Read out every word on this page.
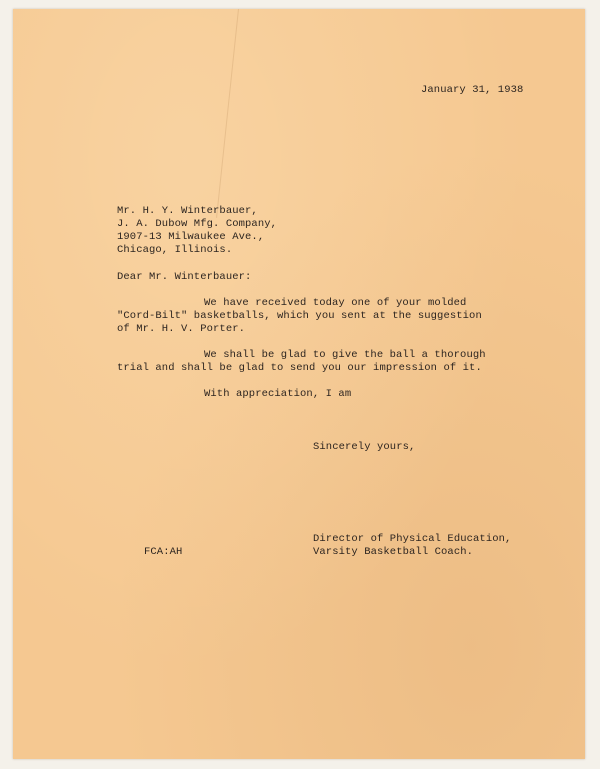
January 31, 1938
Mr. H. Y. Winterbauer,
J. A. Dubow Mfg. Company,
1907-13 Milwaukee Ave.,
Chicago, Illinois.
Dear Mr. Winterbauer:
We have received today one of your molded
"Cord-Bilt" basketballs, which you sent at the suggestion
of Mr. H. V. Porter.
We shall be glad to give the ball a thorough
trial and shall be glad to send you our impression of it.
With appreciation, I am
Sincerely yours,
Director of Physical Education,
Varsity Basketball Coach.
FCA:AH
